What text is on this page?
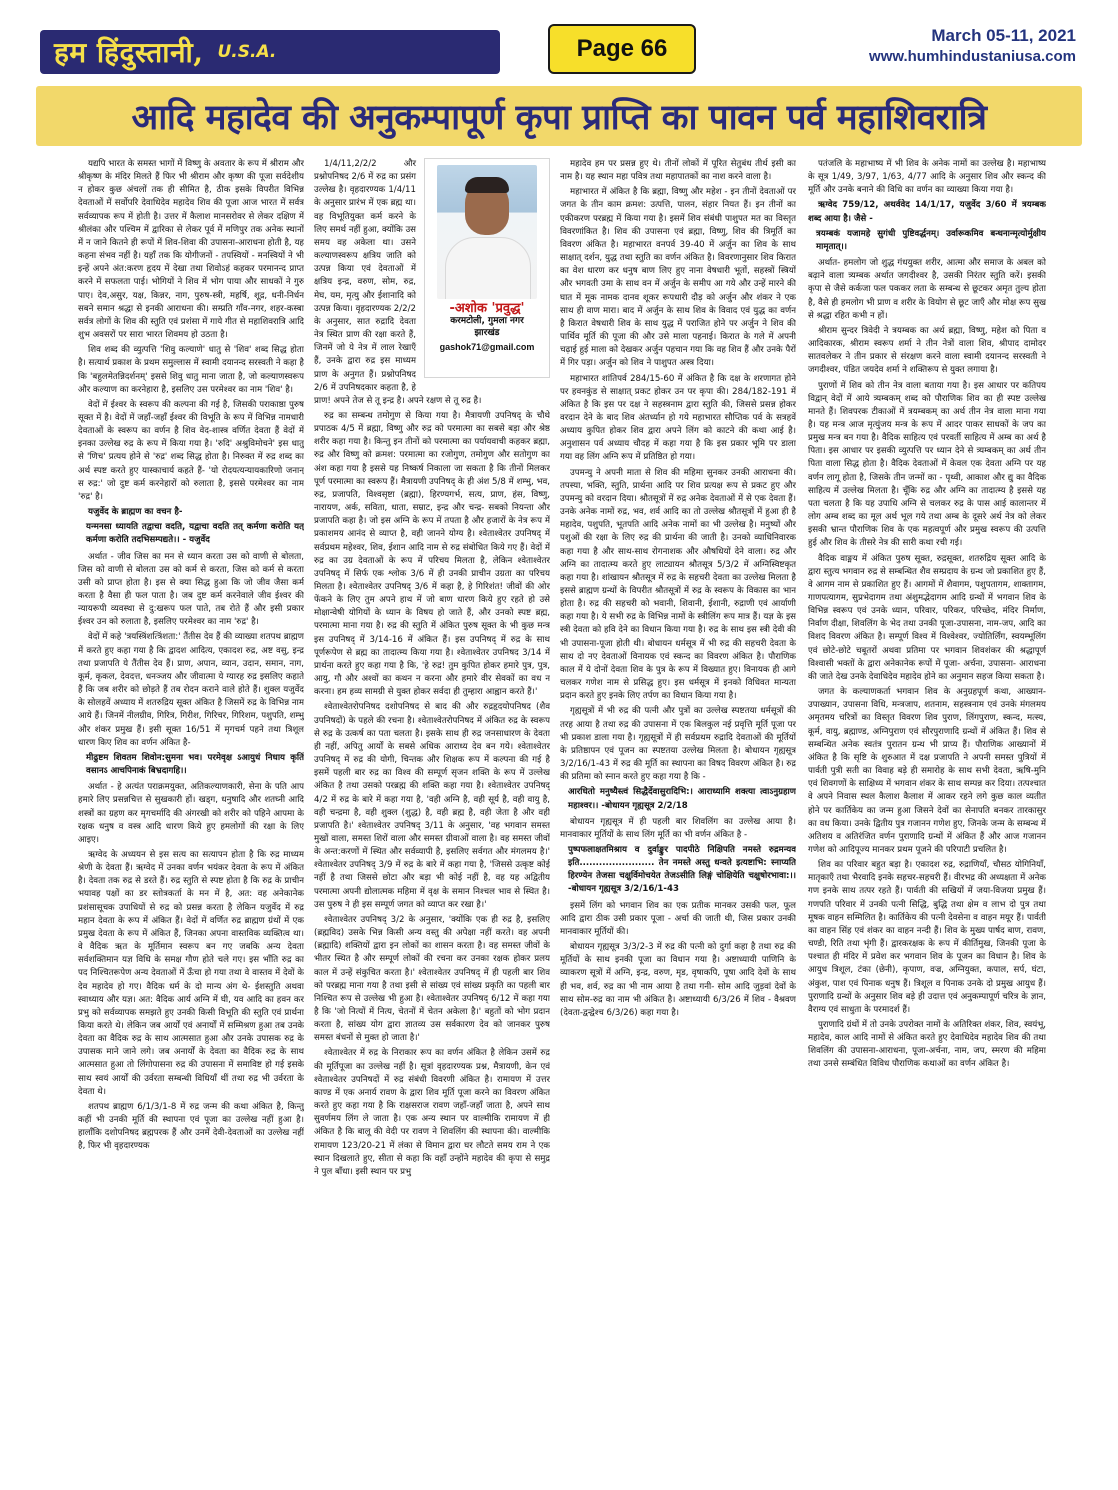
हम हिंदुस्तानी, U.S.A.	Page 66	March 05-11, 2021
www.humhindustaniusa.com
आदि महादेव की अनुकम्पापूर्ण कृपा प्राप्ति का पावन पर्व महाशिवरात्रि

यद्यपि भारत के समस्त भागों में विष्णु के अवतार के रूप में श्रीराम और श्रीकृष्ण के मंदिर मिलते हैं फिर भी श्रीराम और कृष्ण की पूजा सर्वदेशीय न होकर कुछ अंचलों तक ही सीमित है, ठीक इसके विपरीत विभिन्न देवताओं में सर्वोपरि देवाधिदेव महादेव शिव की पूजा आज भारत में सर्वत्र सर्वव्यापक रूप में होती है। उत्तर में कैलाश मानसरोवर से लेकर दक्षिण में श्रीलंका और पश्चिम में द्वारिका से लेकर पूर्व में मणिपुर तक अनेक स्थानों में न जाने कितने ही रूपों में शिव-शिवा की उपासना-आराधना होती है, यह कहना संभव नहीं है। यहाँ तक कि योगीजनों - तपस्वियों - मनस्वियों ने भी इन्हें अपने अंत:करण हृदय में देखा तथा शिवोऽहं कहकर परमानन्द प्राप्त करने में सफलता पाई। भोगियों ने शिव में भोग पाया और साधकों ने गुरु पाए। देव,असुर, यक्ष, किन्नर, नाग, पुरुष-स्त्री, महर्षि, शूद्र, धनी-निर्धन सबने समान श्रद्धा से इनकी आराधना की। सम्प्रति गाँव-नगर, शहर-कस्बा सर्वत्र लोगों के शिव की स्तुति एवं प्रशंसा में गाये गीत से महाशिवरात्रि आदि शुभ अवसरों पर सारा भारत शिवमय हो उठता है।

शिव शब्द की व्युत्पत्ति 'शिवु कल्याणे' धातु से 'शिव' शब्द सिद्ध होता है। सत्यार्थ प्रकाश के प्रथम समुल्लास में स्वामी दयानन्द सरस्वती ने कहा है कि 'बहुलमेतन्निदर्शनम्' इससे शिवु धातु माना जाता है, जो कल्याणस्वरूप और कल्याण का करनेहारा है, इसलिए उस परमेश्वर का नाम 'शिव' है।

वेदों में ईश्वर के स्वरूप की कल्पना की गई है, जिसकी पराकाष्ठा पुरुष सूक्त में है। वेदों में जहाँ-जहाँ ईश्वर की विभूति के रूप में विभिन्न नामधारी देवताओं के स्वरूप का वर्णन है शिव वेद-शास्त्र वर्णित देवता हैं वेदों में इनका उल्लेख रुद्र के रूप में किया गया है। 'रुदि' अश्रुविमोचने' इस धातु से 'णिच' प्रत्यय होने से 'रुद्र' शब्द सिद्ध होता है। निरुक्त में रुद्र शब्द का अर्थ स्पष्ट करते हुए यास्काचार्य कहते हैं- 'यो रोदयत्यन्यायकारिणो जनान् स रुद्र:' जो दुष्ट कर्म करनेहारों को रुलाता है, इससे परमेश्वर का नाम 'रुद्र' है।

यजुर्वेद के ब्राह्मण का वचन है-

यन्मनसा ध्यायति तद्वाचा वदति, यद्वाचा वदति तत् कर्मणा करोति यत् कर्मणा करोति तदभिसम्पद्यते।। - यजुर्वेद

अर्थात - जीव जिस का मन से ध्यान करता उस को वाणी से बोलता, जिस को वाणी से बोलता उस को कर्म से करता, जिस को कर्म से करता उसी को प्राप्त होता है। इस से क्या सिद्ध हुआ कि जो जीव जैसा कर्म करता है वैसा ही फल पाता है। जब दुष्ट कर्म करनेवाले जीव ईश्वर की न्यायरूपी व्यवस्था से दु:खरूप फल पाते, तब रोते हैं और इसी प्रकार ईश्वर उन को रुलाता है, इसलिए परमेश्वर का नाम 'रुद्र' है।

वेदों में कहे 'त्रयस्त्रिंशत्त्रिंशता:' तैंतीस देव हैं की व्याख्या शतपथ ब्राह्मण में करते हुए कहा गया है कि द्वादश आदित्य, एकादश रुद्र, अष्ट वसु, इन्द्र तथा प्रजापति ये तैंतीस देव हैं। प्राण, अपान, व्यान, उदान, समान, नाग, कूर्म, कृकल, देवदत्त, धनञ्जय और जीवात्मा ये ग्यारह रुद्र इसलिए कहाते हैं कि जब शरीर को छोड़ते हैं तब रोदन कराने वाले होते हैं। शुक्ल यजुर्वेद के सोलहवें अध्याय में शतरुद्रिय सूक्त अंकित है जिसमें रुद्र के विभिन्न नाम आये हैं। जिनमें नीलग्रीव, गिरित्र, गिरीश, गिरिचर, गिरिशम, पशुपति, शम्भु और शंकर प्रमुख हैं। इसी सूक्त 16/51 में मृगचर्म पहने तथा त्रिशूल धारण किए शिव का वर्णन अंकित है-

मीढुष्टम शिवतम शिवोन:सुमना भव। परमेवृक्ष ऽआयुधं निधाय कृतिं वसानऽ आचपिनाकं बिभ्रदागहि।।

अर्थात - हे अत्यंत पराक्रमयुक्त, अतिकल्याणकारी, सेना के पति आप हमारे लिए प्रसन्नचित्त से सुखकारी हों। खड्ग, धनुषादि और शतघ्नी आदि शस्त्रों का ग्रहण कर मृगचर्मादि की अंगरखी को शरीर को पहिने आपमा के रक्षक धनुष व वस्त्र आदि धारण किये हुए हमलोगों की रक्षा के लिए आइए।

ऋग्वेद के अध्ययन से इस सत्य का सत्यापन होता है कि रुद्र माध्यम श्रेणी के देवता हैं। ऋग्वेद में उनका वर्णन भयंकर देवता के रूप में अंकित है। देवता तक रुद्र से डरते हैं। रुद्र स्तुति से स्पष्ट होता है कि रुद्र के प्राचीन भयावह पक्षों का डर स्तोत्रकर्ता के मन में है, अत: वह अनेकानेक प्रशंसासूचक उपाधियों से रुद्र को प्रसन्न करता है लेकिन यजुर्वेद में रुद्र महान देवता के रूप में अंकित हैं। वेदों में वर्णित रुद्र ब्राह्मण ग्रंथों में एक प्रमुख देवता के रूप में अंकित हैं, जिनका अपना वास्तविक व्यक्तित्व था। वे वैदिक ऋत के मूर्तिमान स्वरूप बन गए जबकि अन्य देवता सर्वशक्तिमान यज्ञ विधि के समक्ष गौण होते चले गए। इस भाँति रुद्र का पद निश्चितरूपेण अन्य देवताओं में ऊँचा हो गया तथा वे वास्तव में देवों के देव महादेव हो गए। वैदिक धर्म के दो मान्य अंग थे- ईशस्तुति अथवा स्वाध्याय और यज्ञ। अत: वैदिक आर्य अग्नि में घी, यव आदि का हवन कर प्रभु को सर्वव्यापक समझते हुए उनकी किसी विभूति की स्तुति एवं प्रार्थना किया करते थे। लेकिन जब आर्यों एवं अनार्यों में सम्मिश्रण हुआ तब उनके देवता का वैदिक रुद्र के साथ आत्मसात हुआ और उनके उपासक रुद्र के उपासक माने जाने लगे। जब अनार्यों के देवता का वैदिक रुद्र के साथ आत्मसात हुआ तो लिंगोपासना रुद्र की उपासना में समाविष्ट हो गई इसके साथ स्वयं आर्यों की उर्वरता सम्बन्धी विधियाँ थीं तथा रुद्र भी उर्वरता के देवता थे।

शतपथ ब्राह्मण 6/1/3/1-8 में रुद्र जन्म की कथा अंकित है, किन्तु कहीं भी उनकी मूर्ति की स्थापना एवं पूजा का उल्लेख नहीं हुआ है। हालाँकि दशोपनिषद ब्रह्मपरक हैं और उनमें देवी-देवताओं का उल्लेख नहीं है, फिर भी वृहदारण्यक

-अशोक 'प्रवुद्ध'
करमटोली, गुमला नगर
झारखंड
gashok71@gmail.com

1/4/11,2/2/2 और प्रश्नोपनिषद 2/6 में रुद्र का प्रसंग उल्लेख है। वृहदारण्यक 1/4/11 के अनुसार प्रारंभ में एक ब्रह्म था। वह विभूतियुक्त कर्म करने के लिए समर्थ नहीं हुआ, क्योंकि उस समय वह अकेला था। उसने कल्याणस्वरूप क्षत्रिय जाति को उत्पन्न किया एवं देवताओं में क्षत्रिय इन्द्र, वरुण, सोम, रुद्र, मेघ, यम, मृत्यु और ईशानादि को उत्पन्न किया। वृहदारण्यक 2/2/2 के अनुसार, सात रुद्रादि देवता नेत्र स्थित प्राण की रक्षा करते हैं, जिनमें जो ये नेत्र में लाल रेखाएँ हैं, उनके द्वारा रुद्र इस माध्यम प्राण के अनुगत हैं। प्रश्नोपनिषद 2/6 में उपनिषदकार कहता है, हे प्राण! अपने तेज से तू इन्द्र है। अपने रक्षण से तू रुद्र है।

रुद्र का सम्बन्ध तमोगुण से किया गया है। मैत्रायणी उपनिषद् के चौथे प्रपाठक 4/5 में ब्रह्मा, विष्णु और रुद्र को परमात्मा का सबसे बड़ा और श्रेष्ठ शरीर कहा गया है। किन्तु इन तीनों को परमात्मा का पर्यायवाची कहकर ब्रह्मा, रुद्र और विष्णु को क्रमश: परमात्मा का रजोगुण, तमोगुण और सतोगुण का अंश कहा गया है इससे यह निष्कर्ष निकाला जा सकता है कि तीनों मिलकर पूर्ण परमात्मा का स्वरूप हैं। मैत्रायणी उपनिषद् के ही अंश 5/8 में शम्भु, भव, रुद्र, प्रजापति, विश्वसृष्टा (ब्रह्मा), हिरण्यगर्भ, सत्य, प्राण, हंस, विष्णु, नारायण, अर्क, सविता, धाता, सम्राट, इन्द्र और चन्द्र- सबको नियन्ता और प्रजापति कहा है। जो इस अग्नि के रूप में तपता है और हजारों के नेत्र रूप में प्रकाशमय आनंद से व्याप्त है, वही जानने योग्य है। श्वेताश्वेतर उपनिषद् में सर्वप्रथम महेश्वर, शिव, ईशान आदि नाम से रुद्र संबोधित किये गए हैं। वेदों में रुद्र का उग्र देवताओं के रूप में परिचय मिलता है, लेकिन श्वेताश्वेतर उपनिषद् में सिर्फ एक श्लोक 3/6 में ही उनकी प्राचीन उग्रता का परिचय मिलता है। श्वेताश्वेतर उपनिषद् 3/6 में कहा है, हे गिरिशंत! जीवों की ओर फेंकने के लिए तुम अपने हाथ में जो बाण धारण किये हुए रहते हो उसे मोक्षान्वेषी योगियों के ध्यान के विषय हो जाते हैं, और उनको स्पष्ट ब्रह्म, परमात्मा माना गया है। रुद्र की स्तुति में अंकित पुरुष सूक्त के भी कुछ मन्त्र इस उपनिषद् में 3/14-16 में अंकित हैं। इस उपनिषद् में रुद्र के साथ पूर्णरूपेण से ब्रह्म का तादात्म्य किया गया है। श्वेताश्वेतर उपनिषद 3/14 में प्रार्थना करते हुए कहा गया है कि, 'हे रुद्र! तुम कुपित होकर हमारे पुत्र, पुत्र, आयु, गौ और अश्वों का कथन न करना और हमारे वीर सेवकों का वध न करना। हम हव्य सामग्री से युक्त होकर सर्वदा ही तुम्हारा आह्वान करते हैं।'

श्वेताश्वेतरोपनिषद दशोपनिषद से बाद की और रुद्रहृदयोपनिषद (शैव उपनिषदों) के पहले की रचना है। श्वेताश्वेतरोपनिषद में अंकित रुद्र के स्वरूप से रुद्र के उत्कर्ष का पता चलता है। इसके साथ ही रुद्र जनसाधारण के देवता ही नहीं, अपितु आर्यों के सबसे अधिक आराध्य देव बन गये। श्वेताश्वेतर उपनिषद् में रुद्र की योगी, चिन्तक और शिक्षक रूप में कल्पना की गई है इसमें पहली बार रुद्र का विश्व की सम्पूर्ण सृजन शक्ति के रूप में उल्लेख अंकित है तथा उसको परब्रह्म की शक्ति कहा गया है। श्वेताश्वेतर उपनिषद् 4/2 में रुद्र के बारे में कहा गया है, 'वही अग्नि है, वही सूर्य है, वही वायु है, वही चन्द्रमा है, वही शुक्ल (शुद्ध) है, वही ब्रह्म है, वही जेता है और वही प्रजापति है।' श्वेताश्वेतर उपनिषद् 3/11 के अनुसार, 'वह भगवान समस्त मुखों वाला, समस्त शिरों वाला और समस्त ग्रीवाओं वाला है। वह समस्त जीवों के अन्त:करणों में स्थित और सर्वव्यापी है, इसलिए सर्वगत और मंगलमय है।' श्वेताश्वेतर उपनिषद् 3/9 में रुद्र के बारे में कहा गया है, 'जिससे उत्कृष्ट कोई नहीं है तथा जिससे छोटा और बड़ा भी कोई नहीं है, वह यह अद्वितीय परमात्मा अपनी द्योलात्मक महिमा में वृक्ष के समान निश्चल भाव से स्थित है। उस पुरुष ने ही इस सम्पूर्ण जगत को व्याप्त कर रखा है।'

श्वेताश्वेतर उपनिषद् 3/2 के अनुसार, 'क्योंकि एक ही रुद्र है, इसलिए (ब्रह्मविद) उसके भिन्न किसी अन्य वस्तु की अपेक्षा नहीं करते। वह अपनी (ब्रह्मादि) शक्तियों द्वारा इन लोकों का शासन करता है। वह समस्त जीवों के भीतर स्थित है और सम्पूर्ण लोकों की रचना कर उनका रक्षक होकर प्रलय काल में उन्हें संकुचित करता है।' श्वेताश्वेतर उपनिषद् में ही पहली बार शिव को परब्रह्म माना गया है तथा इसी से सांख्य एवं सांख्य प्रकृति का पहली बार निश्चित रूप से उल्लेख भी हुआ है। श्वेताश्वेतर उपनिषद् 6/12 में कहा गया है कि 'जो नित्यों में नित्य, चेतनों में चेतन अकेला है।' बहुतों को भोग प्रदान करता है, सांख्य योग द्वारा ज्ञातव्य उस सर्वकारण देव को जानकर पुरुष समस्त बंधनों से मुक्त हो जाता है।'

श्वेताश्वेतर में रुद्र के निराकार रूप का वर्णन अंकित है लेकिन उसमें रुद्र की मूर्तिपूजा का उल्लेख नहीं है। सूत्रां वृहदारण्यक प्रश्न, मैत्रायणी, केन एवं श्वेताश्वेतर उपनिषदों में रुद्र संबंधी विवरणी अंकित है। रामायण में उत्तर काण्ड में एक अनार्य रावण के द्वारा शिव मूर्ति पूजा करने का विवरण अंकित करते हुए कहा गया है कि राक्षसराज रावण जहाँ-जहाँ जाता है, अपने साथ सुवर्णमय लिंग ले जाता है। एक अन्य स्थान पर वाल्मीकि रामायण में ही अंकित है कि बालू की वेदी पर रावण ने शिवलिंग की स्थापना की। वाल्मीकि रामायण 123/20-21 में लंका से विमान द्वारा घर लौटते समय राम ने एक स्थान दिखलाते हुए, सीता से कहा कि वहाँ उन्होंने महादेव की कृपा से समुद्र ने पुल बाँधा। इसी स्थान पर प्रभु

महादेव हम पर प्रसन्न हुए थे। तीनों लोकों में पूरित सेतुबंध तीर्थ इसी का नाम है। यह स्थान महा पवित्र तथा महापातकों का नाश करने वाला है।

महाभारत में अंकित है कि ब्रह्मा, विष्णु और महेश - इन तीनों देवताओं पर जगत के तीन काम क्रमश: उत्पत्ति, पालन, संहार नियत हैं। इन तीनों का एकीकरण परब्रह्म में किया गया है। इसमें शिव संबंधी पाशुपत मत का विस्तृत विवरणांकित है। शिव की उपासना एवं ब्रह्मा, विष्णु, शिव की त्रिमूर्ति का विवरण अंकित है। महाभारत वनपर्व 39-40 में अर्जुन का शिव के साथ साक्षात् दर्शन, युद्ध तथा स्तुति का वर्णन अंकित है। विवरणानुसार शिव किरात का वेश धारण कर धनुष बाण लिए हुए नाना वेषधारी भूतों, सहस्त्रों स्त्रियों और भगवती उमा के साथ वन में अर्जुन के समीप आ गये और उन्हें मारने की घात में मूक नामक दानव शूकर रूपधारी दौड़ को अर्जुन और शंकर ने एक साथ ही वाण मारा। बाद में अर्जुन के साथ शिव के विवाद एवं युद्ध का वर्णन है किरात वेषधारी शिव के साथ युद्ध में पराजित होने पर अर्जुन ने शिव की पार्थिव मूर्ति की पूजा की और उसे माला पहनाई। किरात के गले में अपनी चढ़ाई हुई माला को देखकर अर्जुन पहचान गया कि वह शिव हैं और उनके पैरों में गिर पड़ा। अर्जुन को शिव ने पाशुपत अस्त्र दिया।

महाभारत शांतिपर्व 284/15-60 में अंकित है कि दक्ष के शरणागत होने पर हवनकुंड से साक्षात् प्रकट होकर उन पर कृपा की। 284/182-191 में अंकित है कि इस पर दक्ष ने सहस्त्रनाम द्वारा स्तुति की, जिससे प्रसन्न होकर वरदान देने के बाद शिव अंतर्ध्यान हो गये महाभारत सौप्तिक पर्व के सत्रहवें अध्याय कुपित होकर शिव द्वारा अपने लिंग को काटने की कथा आई है। अनुशासन पर्व अध्याय चौदह में कहा गया है कि इस प्रकार भूमि पर डाला गया वह लिंग अग्नि रूप में प्रतिष्ठित हो गया।

उपमन्यु ने अपनी माता से शिव की महिमा सुनकर उनकी आराधना की। तपस्या, भक्ति, स्तुति, प्रार्थना आदि पर शिव प्रत्यक्ष रूप से प्रकट हुए और उपमन्यु को वरदान दिया। श्रौतसूत्रों में रुद्र अनेक देवताओं में से एक देवता हैं। उनके अनेक नामों रुद्र, भव, शर्व आदि का तो उल्लेख श्रौतसूत्रों में हुआ ही है महादेव, पशुपति, भूतपति आदि अनेक नामों का भी उल्लेख है। मनुष्यों और पशुओं की रक्षा के लिए रुद्र की प्रार्थना की जाती है। उनको व्याधिनिवारक कहा गया है और साथ-साथ रोगनाशक और औषधियों देने वाला। रुद्र और अग्नि का तादात्म्य करते हुए लाट्यायन श्रौतसूत्र 5/3/2 में अग्निस्विष्टकृत कहा गया है। शांखायन श्रौतसूत्र में रुद्र के सहचरी देवता का उल्लेख मिलता है इससे ब्राह्मण ग्रन्थों के विपरीत श्रौतसूत्रों में रुद्र के स्वरूप के विकास का भान होता है। रुद्र की सहचरी को भवानी, शिवानी, ईशानी, रुद्राणी एवं आर्याणी कहा गया है। ये सभी रुद्र के विभिन्न नामों के स्त्रीलिंग रूप मात्र हैं। यज्ञ के इस स्त्री देवता को हवि देने का विधान किया गया है। रुद्र के साथ इस स्त्री देवी की भी उपासना-पूजा होती थी। बोधायन धर्मसूत्र में भी रुद्र की सहचरी देवता के साथ दो नए देवताओं विनायक एवं स्कन्द का विवरण अंकित है। पौराणिक काल में ये दोनों देवता शिव के पुत्र के रूप में विख्यात हुए। विनायक ही आगे चलकर गणेश नाम से प्रसिद्ध हुए। इस धर्मसूत्र में इनको विधिवत मान्यता प्रदान करते हुए इनके लिए तर्पण का विधान किया गया है।

गृह्यसूत्रों में भी रुद्र की पत्नी और पुत्रों का उल्लेख स्पष्टतया धर्मसूत्रों की तरह आया है तथा रुद्र की उपासना में एक बिलकुल नई प्रवृत्ति मूर्ति पूजा पर भी प्रकाश डाला गया है। गृह्यसूत्रों में ही सर्वप्रथम रुद्रादि देवताओं की मूर्तियों के प्रतिष्ठापन एवं पूजन का स्पष्टतया उल्लेख मिलता है। बोधायन गृह्यसूत्र 3/2/16/1-43 में रुद्र की मूर्ति का स्थापना का विषद विवरण अंकित है। रुद्र की प्रतिमा को स्नान करते हुए कहा गया है कि -

आरधितो मनुष्यैस्त्वं सिद्धैर्देवासुरादिभि:। आराध्यामि शक्त्या त्वाऽनुग्रहाण महाश्वर।। -बोधायन गृह्यसूत्र 2/2/18

बोधायन गृह्यसूत्र में ही पहली बार शिवलिंग का उल्लेख आया है। मानवाकार मूर्तियों के साथ लिंग मूर्ति का भी वर्णन अंकित है -

पुष्पफलाक्षतमिश्राय व दुर्वाङ्कुर पादपीठे निक्षिपति नमस्ते रुद्रमन्यव इति....................... तेन नमस्ते अस्तु धन्वते इत्यष्टाभि: स्नाप्यति हिरण्येन तेजसा चक्षुर्विमोचयेत तेजऽसीति लिङ्गं चोक्षियेति चक्षुषोरभावा:।। -बोधायन गृह्यसूत्र 3/2/16/1-43

इसमें लिंग को भगवान शिव का एक प्रतीक मानकर उसकी फल, फूल आदि द्वारा ठीक उसी प्रकार पूजा - अर्चा की जाती थी, जिस प्रकार उनकी मानवाकार मूर्तियों की।

बोधायन गृह्यसूत्र 3/3/2-3 में रुद्र की पत्नी को दुर्गा कहा है तथा रुद्र की मूर्तियों के साथ इनकी पूजा का विधान गया है। अष्टाध्यायी पाणिनि के व्याकरण सूत्रों में अग्नि, इन्द्र, वरुण, मृड, वृषाकपि, पूषा आदि देवों के साथ ही भव, शर्व, रुद्र का भी नाम आया है तथा गनी- सोम आदि जुड़वां देवों के साथ सोम-रुद्र का नाम भी अंकित है। अष्टाध्यायी 6/3/26 में शिव - वैश्रवण (देवता-द्वन्द्वेश्च 6/3/26) कहा गया है।

पतंजलि के महाभाष्य में भी शिव के अनेक नामों का उल्लेख है। महाभाष्य के सूत्र 1/49, 3/97, 1/63, 4/77 आदि के अनुसार शिव और स्कन्द की मूर्ति और उनके बनाने की विधि का वर्णन का व्याख्या किया गया है।

ऋग्वेद 759/12, अथर्ववेद 14/1/17, यजुर्वेद 3/60 में त्रयम्बक शब्द आया है। जैसे -

त्रयम्बकं यजामहे सुगंधी पुष्टिवर्द्धनम्। उर्वारूकमिव बन्धनान्मृत्योर्मुक्षीय मामृतात्।।

अर्थात- हमलोग जो शुद्ध गंधयुक्त शरीर, आत्मा और समाज के अबल को बढ़ाने वाला त्र्यम्बक अर्थात जगदीश्वर है, उसकी निरंतर स्तुति करें। इसकी कृपा से जैसे कर्कजा फल पककर लता के सम्बन्ध से छूटकर अमृत तुल्य होता है, वैसे ही हमलोग भी प्राण व शरीर के वियोग से छूट जाएँ और मोक्ष रूप सुख से श्रद्धा रहित कभी न हों।

श्रीराम सुन्दर त्रिवेदी ने त्रयम्बक का अर्थ ब्रह्मा, विष्णु, महेश को पिता व आदिकारक, श्रीराम स्वरूप शर्मा ने तीन नेत्रों वाला शिव, श्रीपाद दामोदर सातवलेकर ने तीन प्रकार से संरक्षण करने वाला स्वामी दयानन्द सरस्वती ने जगदीश्वर, पंडित जयदेव शर्मा ने शक्तिरूप से युक्त लगाया है।

पुराणों में शिव को तीन नेत्र वाला बताया गया है। इस आधार पर कतिपय विद्वान् वेदों में आये त्र्यम्बकम् शब्द को पौराणिक शिव का ही स्पष्ट उल्लेख मानते हैं। शिवपरक टीकाओं में त्रयम्बकम् का अर्थ तीन नेत्र वाला माना गया है। यह मन्त्र आज मृत्युंजय मन्त्र के रूप में आदर पाकर साधकों के जप का प्रमुख मन्त्र बन गया है। वैदिक साहित्य एवं परवर्ती साहित्य में अम्ब का अर्थ है पिता। इस आधार पर इसकी व्युत्पत्ति पर ध्यान देने से त्र्यम्बकम् का अर्थ तीन पिता वाला सिद्ध होता है। वैदिक देवताओं में केवल एक देवता अग्नि पर यह वर्णन लागू होता है, जिसके तीन जन्मों का - पृथ्वी, आकाश और द्यु का वैदिक साहित्य में उल्लेख मिलता है। चूँकि रुद्र और अग्नि का तादात्म्य है इससे यह पता चलता है कि यह उपाधि अग्नि से चलकर रुद्र के पास आई कालान्तर में लोग अम्ब शब्द का मूल अर्थ भूल गये तथा अम्ब के दूसरे अर्थ नेत्र को लेकर इसकी भ्रान्त पौराणिक शिव के एक महत्वपूर्ण और प्रमुख स्वरूप की उत्पत्ति हुई और शिव के तीसरे नेत्र की सारी कथा रची गई।

वैदिक वाङ्मय में अंकित पुरुष सूक्त, रुद्रसूक्त, शतरुद्रिय सूक्त आदि के द्वारा स्तुत्य भगवान रुद्र से सम्बन्धित शैव सम्प्रदाय के ग्रन्थ जो प्रकाशित हुए हैं, वे आगम नाम से प्रकाशित हुए हैं। आगमों में शैवागम, पशुपतागम, शाक्तागम, गाणपत्यागम, सुप्रभेदागम तथा अंशुमद्भेदागम आदि ग्रन्थों में भगवान शिव के विभिन्न स्वरूप एवं उनके ध्यान, परिवार, परिकर, परिच्छेद, मंदिर निर्माण, निर्वाण दीक्षा, शिवलिंग के भेद तथा उनकी पूजा-उपासना, नाम-जप, आदि का विशद विवरण अंकित है। सम्पूर्ण विश्व में विश्वेश्वर, ज्योतिर्लिंग, स्वयम्भूलिंग एवं छोटे-छोटे चबूतरों अथवा प्रतिमा पर भगवान शिवशंकर की श्रद्धापूर्ण विश्वासी भक्तों के द्वारा अनेकानेक रूपों में पूजा- अर्चना, उपासना- आराधना की जाते देख उनके देवाधिदेव महादेव होने का अनुमान सहज किया सकता है।

जगत के कल्याणकर्ता भगवान शिव के अनुग्रहपूर्ण कथा, आख्यान- उपाख्यान, उपासना विधि, मन्त्रजाप, शतनाम, सहस्त्रनाम एवं उनके मंगलमय अमृतमय चरित्रों का विस्तृत विवरण शिव पुराण, लिंगपुराण, स्कन्द, मत्स्य, कूर्म, वायु, ब्रह्माण्ड, अग्निपुराण एवं सौरपुराणादि ग्रन्थों में अंकित हैं। शिव से सम्बन्धित अनेक स्वतंत्र पुरातन ग्रन्थ भी प्राप्य हैं। पौराणिक आख्यानों में अंकित है कि सृष्टि के शुरुआत में दक्ष प्रजापति ने अपनी समस्त पुत्रियों में पार्वती पुत्री सती का विवाह बड़े ही समारोह के साथ सभी देवता, ऋषि-मुनि एवं शिवगणों के साक्षिध्य में भगवान शंकर के साथ सम्पन्न कर दिया। तत्पश्चात वे अपने निवास स्थल कैलाश कैलाश में आकर रहने लगे कुछ काल व्यतीत होने पर कार्तिकेय का जन्म हुआ जिसने देवों का सेनापति बनकर तारकासुर का वध किया। उनके द्वितीय पुत्र गजानन गणेश हुए, जिनके जन्म के सम्बन्ध में अतिशय व अतिरंजित वर्णन पुराणादि ग्रन्थों में अंकित हैं और आज गजानन गणेश को आदिपूज्य मानकर प्रथम पूजने की परिपाटी प्रचलित है।

शिव का परिवार बहुत बड़ा है। एकादश रुद्र, रुद्राणियाँ, चौसठ योगिनियाँ, मातृकाएँ तथा भैरवादि इनके सहचर-सहचरी हैं। वीरभद्र की अध्यक्षता में अनेक गण इनके साथ तत्पर रहते हैं। पार्वती की सखियों में जया-विजया प्रमुख हैं। गणपति परिवार में उनकी पत्नी सिद्धि, बुद्धि तथा क्षेम व लाभ दो पुत्र तथा मूषक वाहन सम्मिलित है। कार्तिकेय की पत्नी देवसेना व वाहन मयूर हैं। पार्वती का वाहन सिंह एवं शंकर का वाहन नन्दी हैं। शिव के मुख्य पार्षद बाण, रावण, चण्डी, रिति तथा भृंगी हैं। द्वारकरक्षक के रूप में कीर्तिमुख, जिनकी पूजा के पश्चात ही मंदिर में प्रवेश कर भगवान शिव के पूजन का विधान है। शिव के आयुध त्रिशूल, टंका (छेनी), कृपाण, वज्र, अग्नियुक्त, कपाल, सर्प, घंटा, अंकुश, पाश एवं पिनाक धनुष हैं। त्रिशूल व पिनाक उनके दो प्रमुख आयुध हैं। पुराणादि ग्रन्थों के अनुसार शिव बड़े ही उदात्त एवं अनुकम्पापूर्ण चरित्र के ज्ञान, वैराग्य एवं साधुता के परमादर्श हैं।

पुराणादि ग्रंथों में तो उनके उपरोक्त नामों के अतिरिक्त शंकर, शिव, स्वयंभू, महादेव, काल आदि नामों से अंकित करते हुए देवाधिदेव महादेव शिव की तथा शिवलिंग की उपासना-आराधना, पूजा-अर्चना, नाम, जप, स्मरण की महिमा तथा उनसे सम्बंधित विविध पौराणिक कथाओं का वर्णन अंकित है।
